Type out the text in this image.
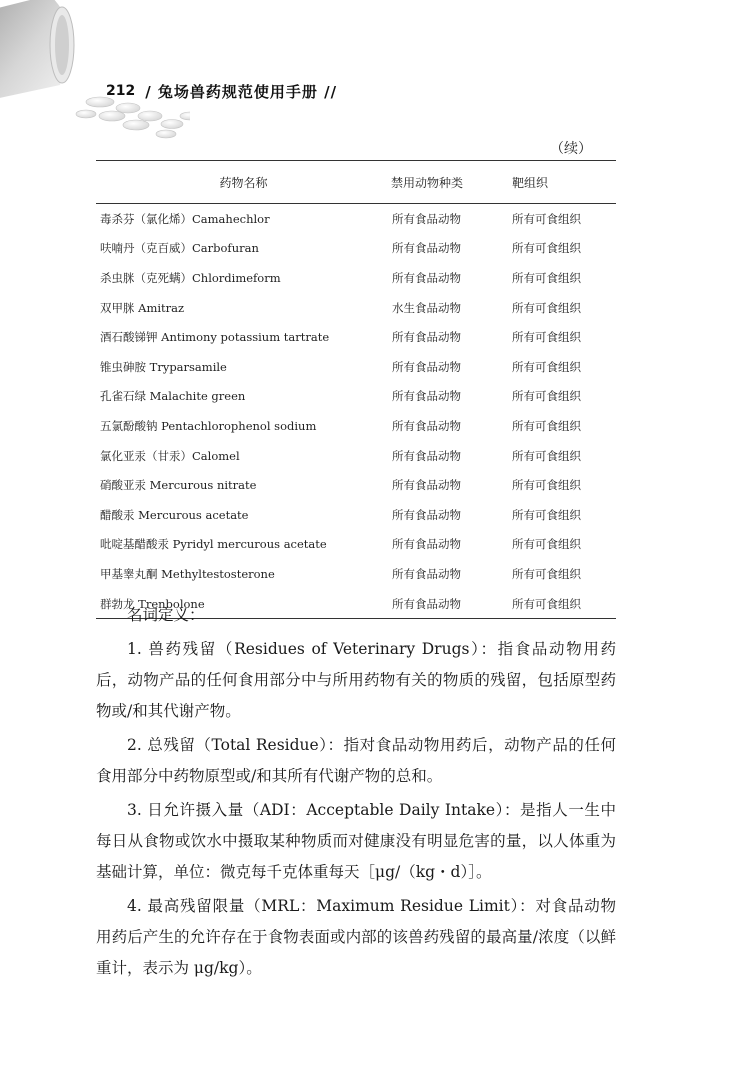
212 / 兔场兽药规范使用手册 //
（续）
药物名称	禁用动物种类	靶组织
毒杀芬（氯化烯）Camahechlor	所有食品动物	所有可食组织
呋喃丹（克百威）Carbofuran	所有食品动物	所有可食组织
杀虫脒（克死螨）Chlordimeform	所有食品动物	所有可食组织
双甲脒 Amitraz	水生食品动物	所有可食组织
酒石酸锑钾 Antimony potassium tartrate	所有食品动物	所有可食组织
锥虫砷胺 Tryparsamile	所有食品动物	所有可食组织
孔雀石绿 Malachite green	所有食品动物	所有可食组织
五氯酚酸钠 Pentachlorophenol sodium	所有食品动物	所有可食组织
氯化亚汞（甘汞）Calomel	所有食品动物	所有可食组织
硝酸亚汞 Mercurous nitrate	所有食品动物	所有可食组织
醋酸汞 Mercurous acetate	所有食品动物	所有可食组织
吡啶基醋酸汞 Pyridyl mercurous acetate	所有食品动物	所有可食组织
甲基睾丸酮 Methyltestosterone	所有食品动物	所有可食组织
群勃龙 Trenbolone	所有食品动物	所有可食组织

名词定义：

1. 兽药残留（Residues of Veterinary Drugs）：指食品动物用药后，动物产品的任何食用部分中与所用药物有关的物质的残留，包括原型药物或/和其代谢产物。

2. 总残留（Total Residue）：指对食品动物用药后，动物产品的任何食用部分中药物原型或/和其所有代谢产物的总和。

3. 日允许摄入量（ADI：Acceptable Daily Intake）：是指人一生中每日从食物或饮水中摄取某种物质而对健康没有明显危害的量，以人体重为基础计算，单位：微克每千克体重每天［μg/（kg・d）］。

4. 最高残留限量（MRL：Maximum Residue Limit）：对食品动物用药后产生的允许存在于食物表面或内部的该兽药残留的最高量/浓度（以鲜重计，表示为 μg/kg）。
